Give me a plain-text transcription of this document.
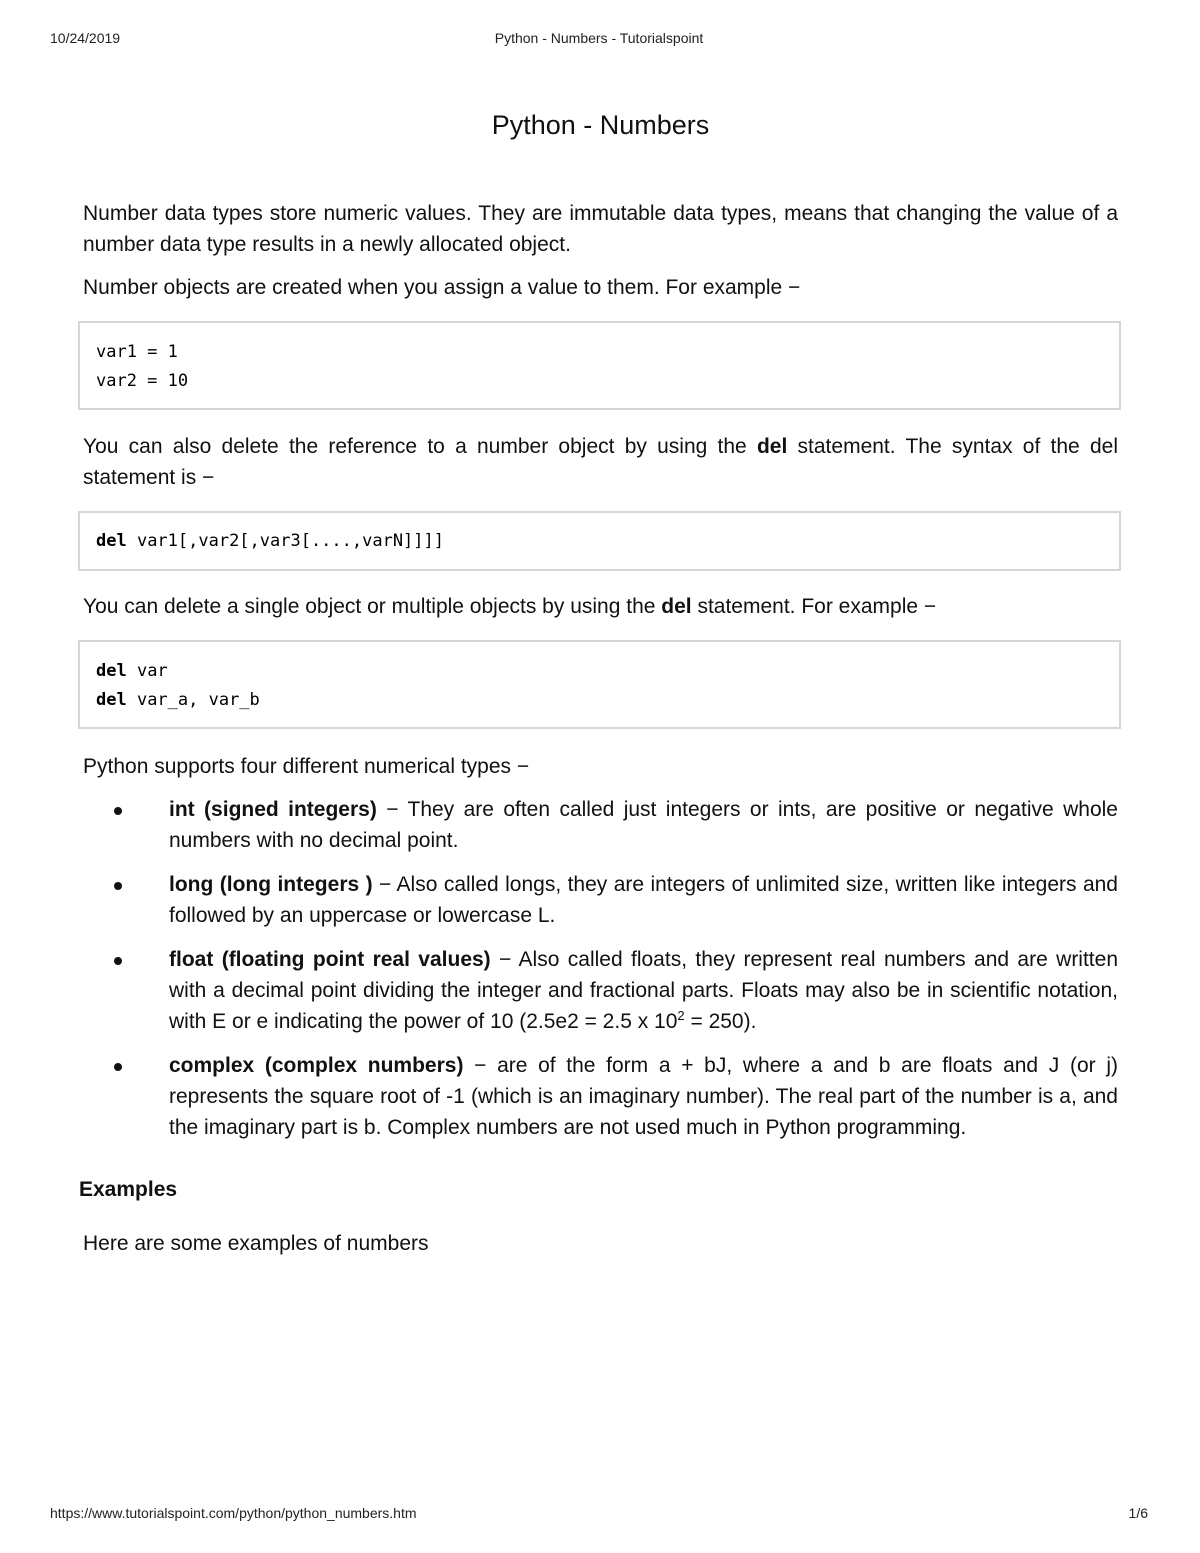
10/24/2019	Python - Numbers - Tutorialspoint
Python - Numbers

Number data types store numeric values. They are immutable data types, means that changing the value of a number data type results in a newly allocated object.

Number objects are created when you assign a value to them. For example −

var1 = 1
var2 = 10

You can also delete the reference to a number object by using the del statement. The syntax of the del statement is −

del var1[,var2[,var3[....,varN]]]]

You can delete a single object or multiple objects by using the del statement. For example −

del var
del var_a, var_b

Python supports four different numerical types −

int (signed integers) − They are often called just integers or ints, are positive or negative whole numbers with no decimal point.

long (long integers ) − Also called longs, they are integers of unlimited size, written like integers and followed by an uppercase or lowercase L.

float (floating point real values) − Also called floats, they represent real numbers and are written with a decimal point dividing the integer and fractional parts. Floats may also be in scientific notation, with E or e indicating the power of 10 (2.5e2 = 2.5 x $10^2 = 250$).

complex (complex numbers) − are of the form a + bJ, where a and b are floats and J (or j) represents the square root of -1 (which is an imaginary number). The real part of the number is a, and the imaginary part is b. Complex numbers are not used much in Python programming.

Examples

Here are some examples of numbers

https://www.tutorialspoint.com/python/python_numbers.htm	1/6
